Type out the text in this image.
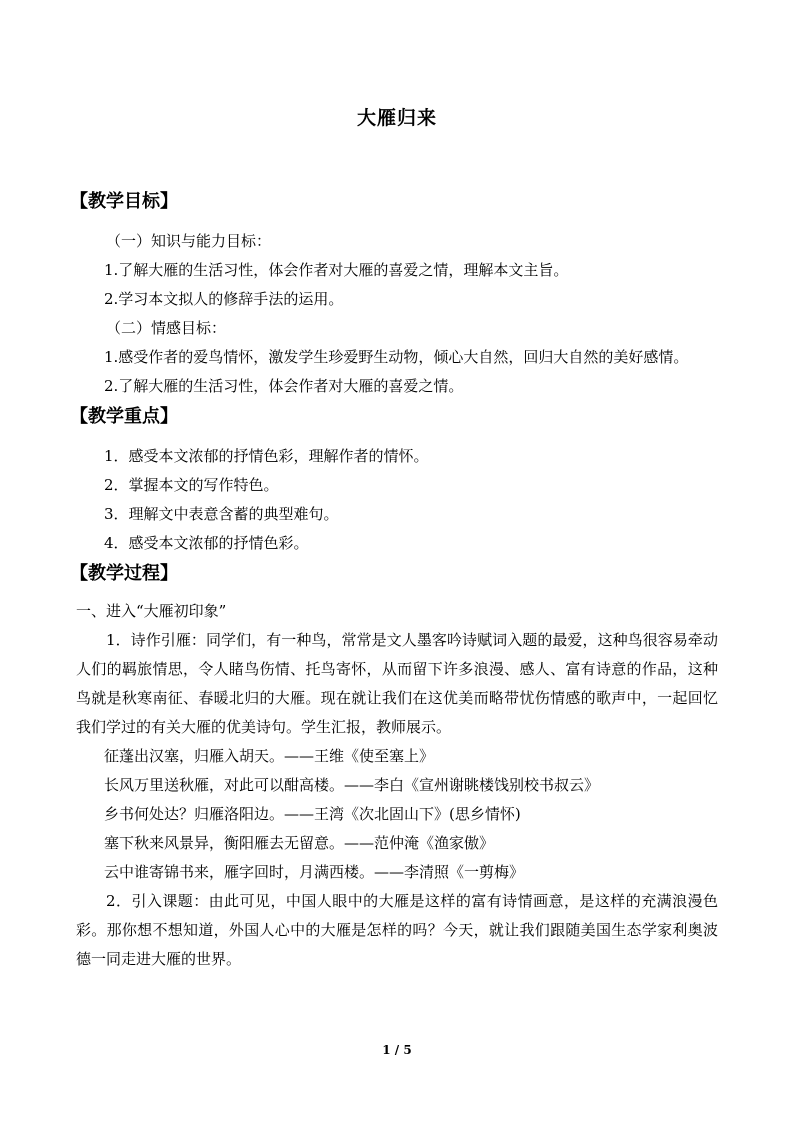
大雁归来
【教学目标】

（一）知识与能力目标：

1.了解大雁的生活习性，体会作者对大雁的喜爱之情，理解本文主旨。

2.学习本文拟人的修辞手法的运用。

（二）情感目标：

1.感受作者的爱鸟情怀，激发学生珍爱野生动物，倾心大自然，回归大自然的美好感情。

2.了解大雁的生活习性，体会作者对大雁的喜爱之情。

【教学重点】

1．感受本文浓郁的抒情色彩，理解作者的情怀。

2．掌握本文的写作特色。

3．理解文中表意含蓄的典型难句。

4．感受本文浓郁的抒情色彩。

【教学过程】

一、进入“大雁初印象”

1．诗作引雁：同学们，有一种鸟，常常是文人墨客吟诗赋词入题的最爱，这种鸟很容易牵动人们的羁旅情思，令人睹鸟伤情、托鸟寄怀，从而留下许多浪漫、感人、富有诗意的作品，这种鸟就是秋寒南征、春暖北归的大雁。现在就让我们在这优美而略带忧伤情感的歌声中，一起回忆我们学过的有关大雁的优美诗句。学生汇报，教师展示。

征蓬出汉塞，归雁入胡天。——王维《使至塞上》

长风万里送秋雁，对此可以酣高楼。——李白《宣州谢眺楼饯别校书叔云》

乡书何处达？归雁洛阳边。——王湾《次北固山下》(思乡情怀)

塞下秋来风景异，衡阳雁去无留意。——范仲淹《渔家傲》

云中谁寄锦书来，雁字回时，月满西楼。——李清照《一剪梅》

2．引入课题：由此可见，中国人眼中的大雁是这样的富有诗情画意，是这样的充满浪漫色彩。那你想不想知道，外国人心中的大雁是怎样的吗？今天，就让我们跟随美国生态学家利奥波德一同走进大雁的世界。

1 / 5
